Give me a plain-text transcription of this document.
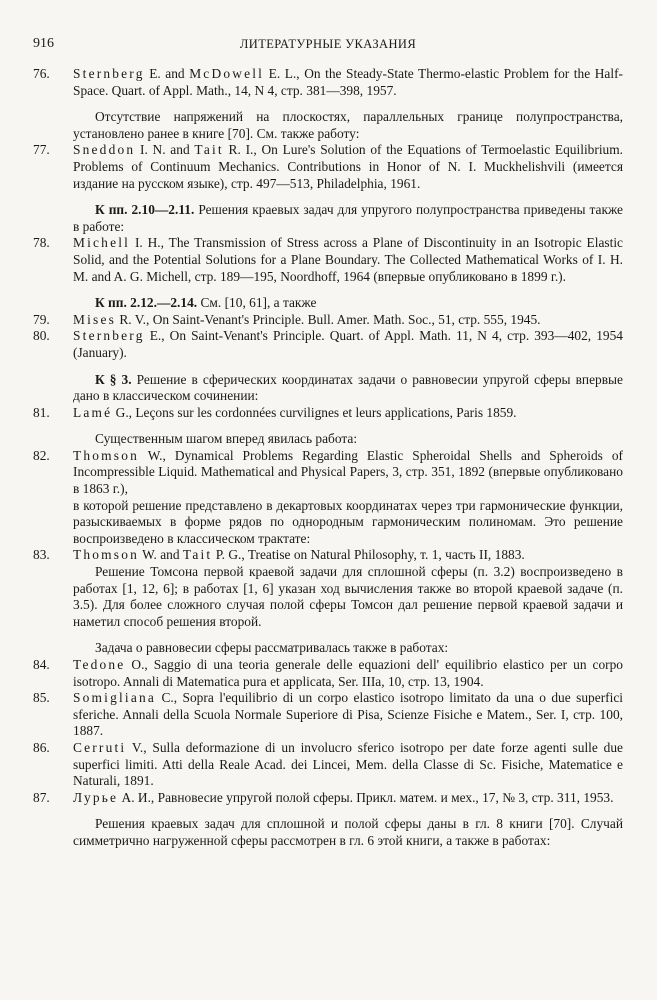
916	ЛИТЕРАТУРНЫЕ УКАЗАНИЯ
76.	Sternberg E. and McDowell E. L., On the Steady-State Thermo-elastic Problem for the Half-Space. Quart. of Appl. Math., 14, N 4, стр. 381—398, 1957.
Отсутствие напряжений на плоскостях, параллельных границе полупространства, установлено ранее в книге [70]. См. также работу:
77.	Sneddon I. N. and Tait R. I., On Lure's Solution of the Equations of Termoelastic Equilibrium. Problems of Continuum Mechanics. Contributions in Honor of N. I. Muckhelishvili (имеется издание на русском языке), стр. 497—513, Philadelphia, 1961.
К пп. 2.10—2.11. Решения краевых задач для упругого полупространства приведены также в работе:
78.	Michell I. H., The Transmission of Stress across a Plane of Discontinuity in an Isotropic Elastic Solid, and the Potential Solutions for a Plane Boundary. The Collected Mathematical Works of I. H. M. and A. G. Michell, стр. 189—195, Noordhoff, 1964 (впервые опубликовано в 1899 г.).
К пп. 2.12.—2.14. См. [10, 61], а также
79.	Mises R. V., On Saint-Venant's Principle. Bull. Amer. Math. Soc., 51, стр. 555, 1945.
80.	Sternberg E., On Saint-Venant's Principle. Quart. of Appl. Math. 11, N 4, стр. 393—402, 1954 (January).
К § 3. Решение в сферических координатах задачи о равновесии упругой сферы впервые дано в классическом сочинении:
81.	Lamé G., Leçons sur les cordonnées curvilignes et leurs applications, Paris 1859.
Существенным шагом вперед явилась работа:
82.	Thomson W., Dynamical Problems Regarding Elastic Spheroidal Shells and Spheroids of Incompressible Liquid. Mathematical and Physical Papers, 3, стр. 351, 1892 (впервые опубликовано в 1863 г.),
в которой решение представлено в декартовых координатах через три гармонические функции, разыскиваемых в форме рядов по однородным гармоническим полиномам. Это решение воспроизведено в классическом трактате:
83.	Thomson W. and Tait P. G., Treatise on Natural Philosophy, т. 1, часть II, 1883.
Решение Томсона первой краевой задачи для сплошной сферы (п. 3.2) воспроизведено в работах [1, 12, 6]; в работах [1, 6] указан ход вычисления также во второй краевой задаче (п. 3.5). Для более сложного случая полой сферы Томсон дал решение первой краевой задачи и наметил способ решения второй.
Задача о равновесии сферы рассматривалась также в работах:
84.	Tedone O., Saggio di una teoria generale delle equazioni dell' equilibrio elastico per un corpo isotropo. Annali di Matematica pura et applicata, Ser. IIIa, 10, стр. 13, 1904.
85.	Somigliana C., Sopra l'equilibrio di un corpo elastico isotropo limitato da una o due superfici sferiche. Annali della Scuola Normale Superiore di Pisa, Scienze Fisiche e Matem., Ser. I, стр. 100, 1887.
86.	Cerruti V., Sulla deformazione di un involucro sferico isotropo per date forze agenti sulle due superfici limiti. Atti della Reale Acad. dei Lincei, Mem. della Classe di Sc. Fisiche, Matematice e Naturali, 1891.
87.	Лурье А. И., Равновесие упругой полой сферы. Прикл. матем. и мех., 17, № 3, стр. 311, 1953.
Решения краевых задач для сплошной и полой сферы даны в гл. 8 книги [70]. Случай симметрично нагруженной сферы рассмотрен в гл. 6 этой книги, а также в работах:
